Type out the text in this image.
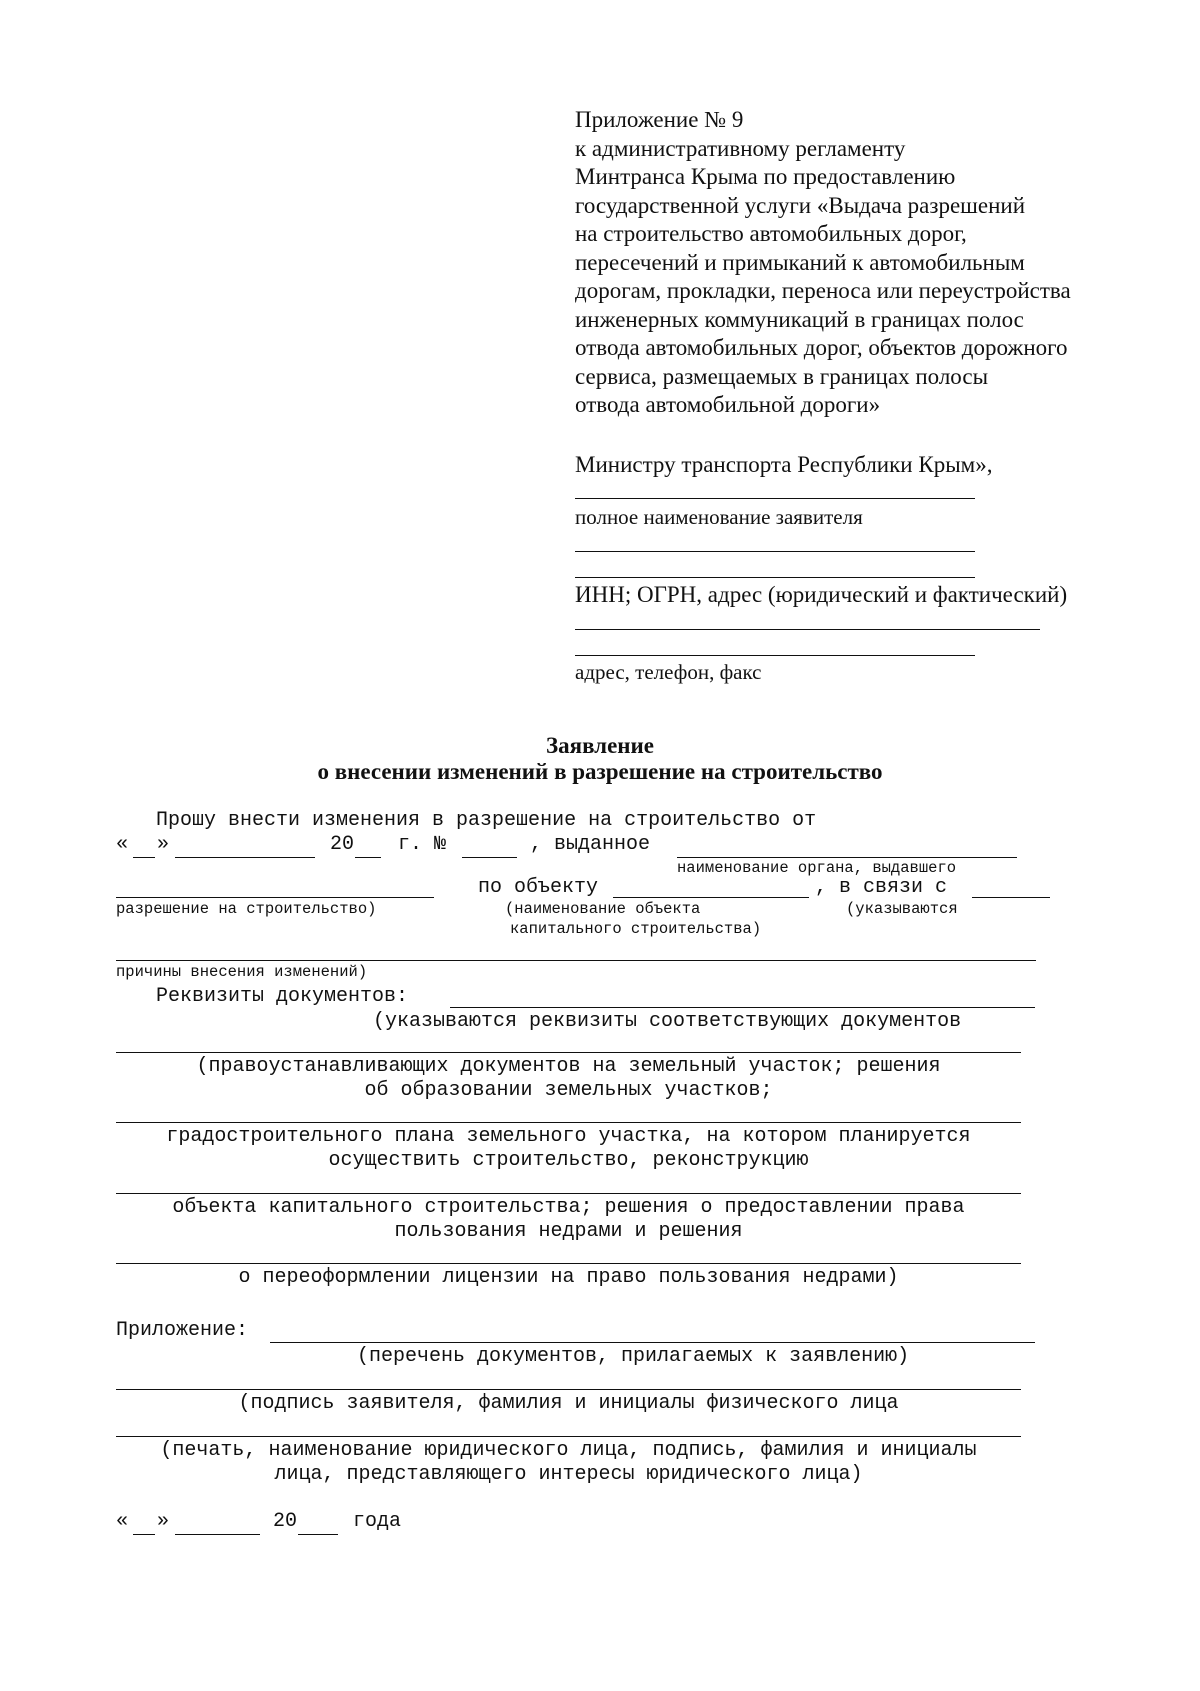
Приложение № 9
к административному регламенту
Минтранса Крыма по предоставлению
государственной услуги «Выдача разрешений
на строительство автомобильных дорог,
пересечений и примыканий к автомобильным
дорогам, прокладки, переноса или переустройства
инженерных коммуникаций в границах полос
отвода автомобильных дорог, объектов дорожного
сервиса, размещаемых в границах полосы
отвода автомобильной дороги»
Министру транспорта Республики Крым»,
полное наименование заявителя
ИНН; ОГРН, адрес (юридический и фактический)
адрес, телефон, факс
Заявление
о внесении изменений в разрешение на строительство
Прошу внести изменения в разрешение на строительство от
« »	20 г. №	, выданное
наименование органа, выдавшего
по объекту	, в связи с
разрешение на строительство)	(наименование объекта
капитального строительства)
(указываются
причины внесения изменений)
Реквизиты документов:
(указываются реквизиты соответствующих документов
(правоустанавливающих документов на земельный участок; решения
об образовании земельных участков;
градостроительного плана земельного участка, на котором планируется
осуществить строительство, реконструкцию
объекта капитального строительства; решения о предоставлении права
пользования недрами и решения
о переоформлении лицензии на право пользования недрами)
Приложение:
(перечень документов, прилагаемых к заявлению)
(подпись заявителя, фамилия и инициалы физического лица
(печать, наименование юридического лица, подпись, фамилия и инициалы
лица, представляющего интересы юридического лица)
« »	20	года
